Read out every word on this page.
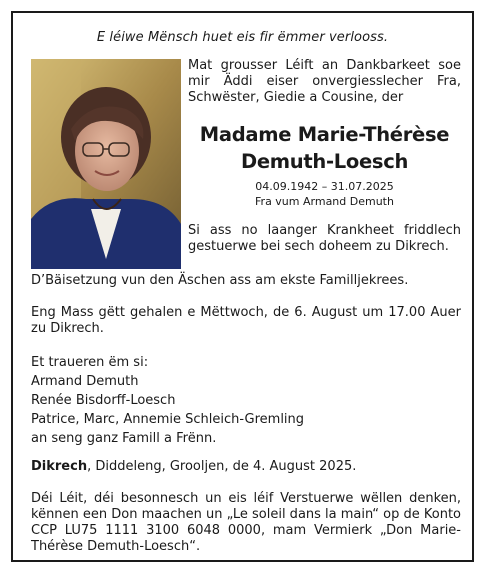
E léiwe Mënsch huet eis fir ëmmer verlooss.
Mat grousser Léift an Dankbarkeet soe mir Äddi eiser onvergiesslecher Fra, Schwëster, Giedie a Cousine, der
Madame Marie-Thérèse
Demuth-Loesch
04.09.1942 – 31.07.2025
Fra vum Armand Demuth
Si ass no laanger Krankheet friddlech gestuerwe bei sech doheem zu Dikrech.
D’Bäisetzung vun den Äschen ass am ekste Familljekrees.
Eng Mass gëtt gehalen e Mëttwoch, de 6. August um 17.00 Auer zu Dikrech.
Et traueren ëm si:
Armand Demuth
Renée Bisdorff-Loesch
Patrice, Marc, Annemie Schleich-Gremling
an seng ganz Famill a Frënn.
Dikrech, Diddeleng, Grooljen, de 4. August 2025.
Déi Léit, déi besonnesch un eis léif Verstuerwe wëllen denken, kënnen een Don maachen un „Le soleil dans la main“ op de Konto CCP LU75 1111 3100 6048 0000, mam Vermierk „Don Marie-Thérèse Demuth-Loesch“.
